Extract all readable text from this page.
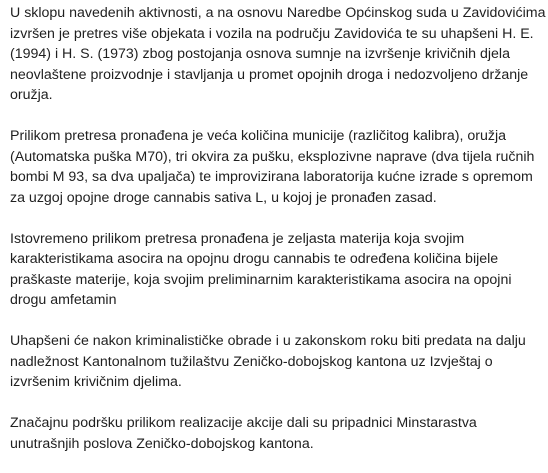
U sklopu navedenih aktivnosti, a na osnovu Naredbe Općinskog suda u Zavidovićima
izvršen je pretres više objekata i vozila na području Zavidovića te su uhapšeni H. E.
(1994) i H. S. (1973) zbog postojanja osnova sumnje na izvršenje krivičnih djela
neovlaštene proizvodnje i stavljanja u promet opojnih droga i nedozvoljeno držanje
oružja.

Prilikom pretresa pronađena je veća količina municije (različitog kalibra), oružja
(Automatska puška M70), tri okvira za pušku, eksplozivne naprave (dva tijela ručnih
bombi M 93, sa dva upaljača) te improvizirana laboratorija kućne izrade s opremom
za uzgoj opojne droge cannabis sativa L, u kojoj je pronađen zasad.

Istovremeno prilikom pretresa pronađena je zeljasta materija koja svojim
karakteristikama asocira na opojnu drogu cannabis te određena količina bijele
praškaste materije, koja svojim preliminarnim karakteristikama asocira na opojni
drogu amfetamin

Uhapšeni će nakon kriminalističke obrade i u zakonskom roku biti predata na dalju
nadležnost Kantonalnom tužilaštvu Zeničko-dobojskog kantona uz Izvještaj o
izvršenim krivičnim djelima.

Značajnu podršku prilikom realizacije akcije dali su pripadnici Minstarastva
unutrašnjih poslova Zeničko-dobojskog kantona.
